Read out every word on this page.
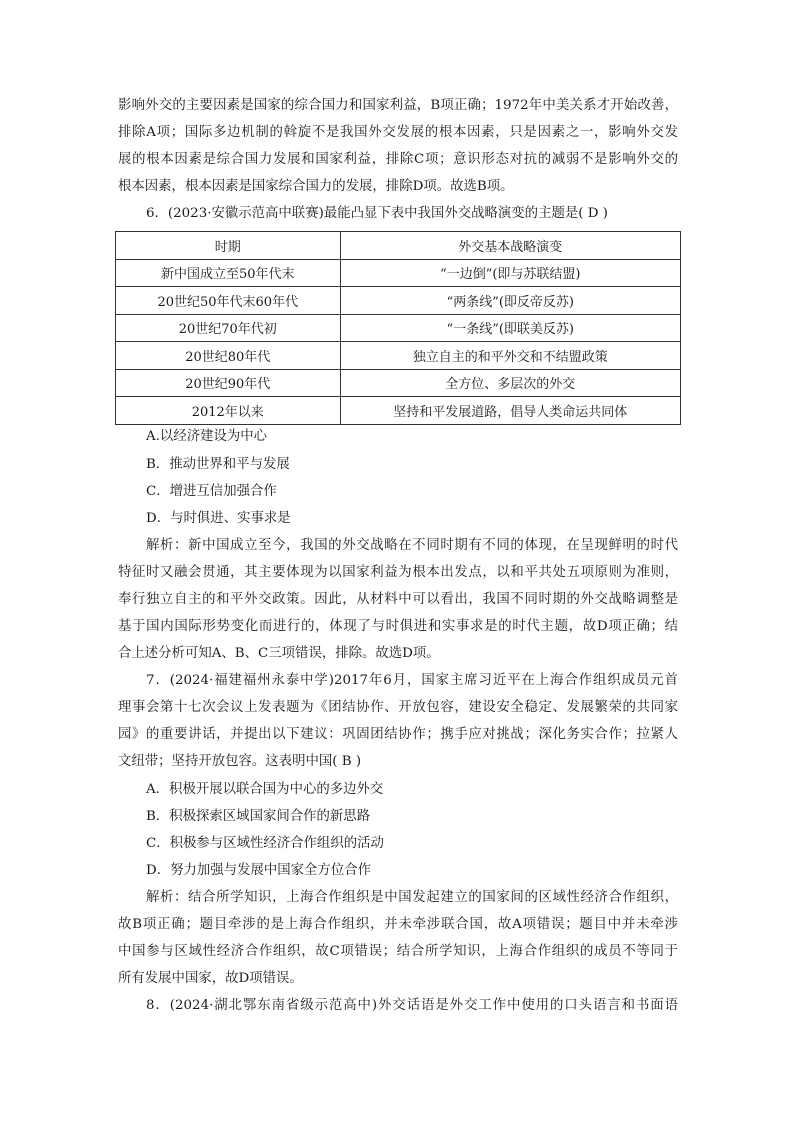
影响外交的主要因素是国家的综合国力和国家利益，B项正确；1972年中美关系才开始改善，
排除A项；国际多边机制的斡旋不是我国外交发展的根本因素，只是因素之一，影响外交发
展的根本因素是综合国力发展和国家利益，排除C项；意识形态对抗的减弱不是影响外交的
根本因素，根本因素是国家综合国力的发展，排除D项。故选B项。
6．(2023·安徽示范高中联赛)最能凸显下表中我国外交战略演变的主题是( D )
时期	外交基本战略演变
新中国成立至50年代末	“一边倒”(即与苏联结盟)
20世纪50年代末60年代	“两条线”(即反帝反苏)
20世纪70年代初	“一条线”(即联美反苏)
20世纪80年代	独立自主的和平外交和不结盟政策
20世纪90年代	全方位、多层次的外交
2012年以来	坚持和平发展道路，倡导人类命运共同体
A.以经济建设为中心
B．推动世界和平与发展
C．增进互信加强合作
D．与时俱进、实事求是
解析：新中国成立至今，我国的外交战略在不同时期有不同的体现，在呈现鲜明的时代
特征时又融会贯通，其主要体现为以国家利益为根本出发点，以和平共处五项原则为准则，
奉行独立自主的和平外交政策。因此，从材料中可以看出，我国不同时期的外交战略调整是
基于国内国际形势变化而进行的，体现了与时俱进和实事求是的时代主题，故D项正确；结
合上述分析可知A、B、C三项错误，排除。故选D项。
7．(2024·福建福州永泰中学)2017年6月，国家主席习近平在上海合作组织成员元首
理事会第十七次会议上发表题为《团结协作、开放包容，建设安全稳定、发展繁荣的共同家
园》的重要讲话，并提出以下建议：巩固团结协作；携手应对挑战；深化务实合作；拉紧人
文纽带；坚持开放包容。这表明中国( B )
A．积极开展以联合国为中心的多边外交
B．积极探索区域国家间合作的新思路
C．积极参与区域性经济合作组织的活动
D．努力加强与发展中国家全方位合作
解析：结合所学知识，上海合作组织是中国发起建立的国家间的区域性经济合作组织，
故B项正确；题目牵涉的是上海合作组织，并未牵涉联合国，故A项错误；题目中并未牵涉
中国参与区域性经济合作组织，故C项错误；结合所学知识，上海合作组织的成员不等同于
所有发展中国家，故D项错误。
8．(2024·湖北鄂东南省级示范高中)外交话语是外交工作中使用的口头语言和书面语
